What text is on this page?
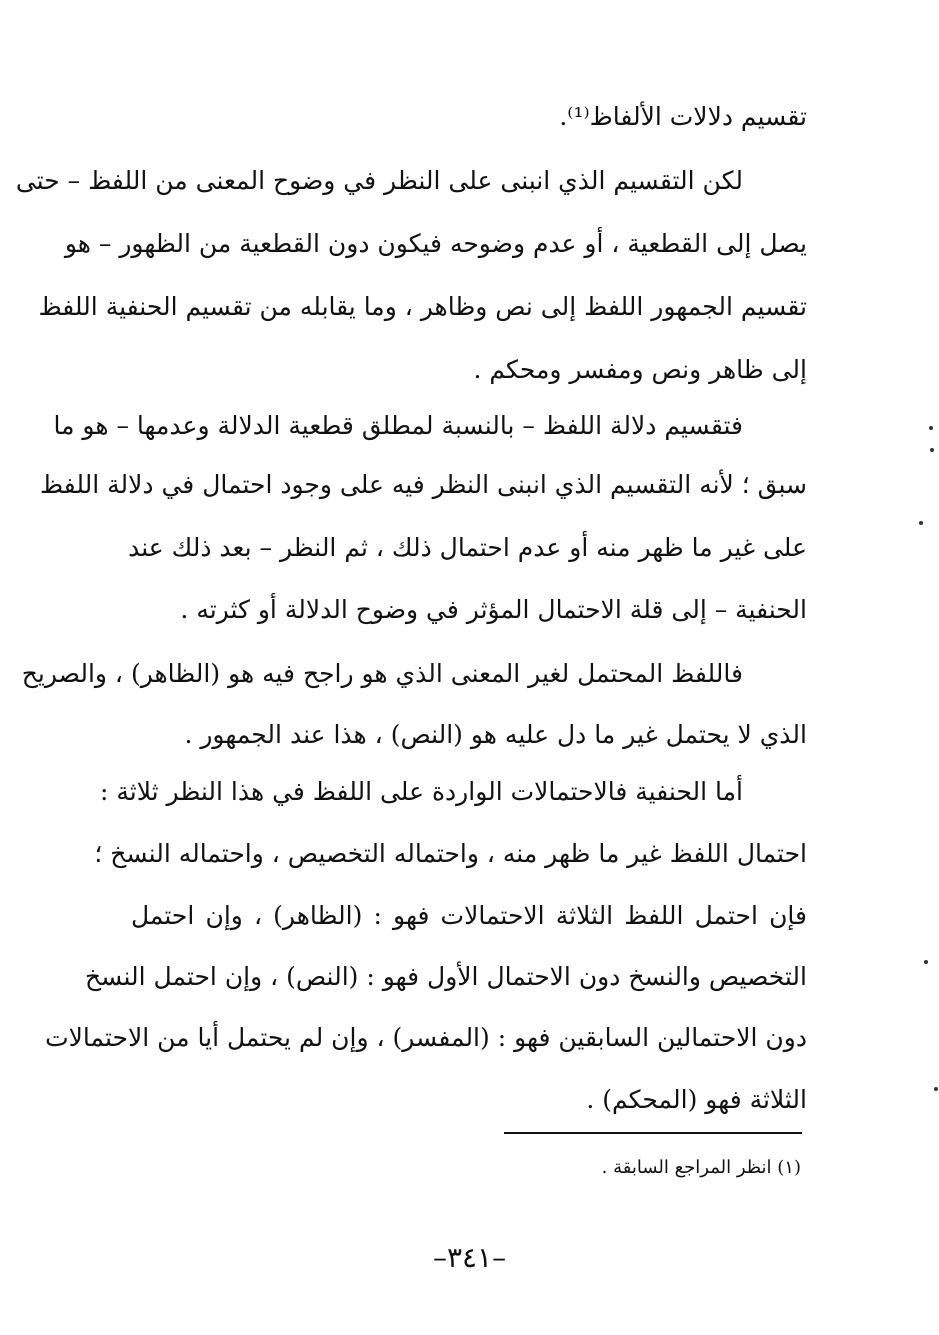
تقسيم دلالات الألفاظ⁽¹⁾.
لكن التقسيم الذي انبنى على النظر في وضوح المعنى من اللفظ – حتى
يصل إلى القطعية ، أو عدم وضوحه فيكون دون القطعية من الظهور – هو
تقسيم الجمهور اللفظ إلى نص وظاهر ، وما يقابله من تقسيم الحنفية اللفظ
إلى ظاهر ونص ومفسر ومحكم .
فتقسيم دلالة اللفظ – بالنسبة لمطلق قطعية الدلالة وعدمها – هو ما
سبق ؛ لأنه التقسيم الذي انبنى النظر فيه على وجود احتمال في دلالة اللفظ
على غير ما ظهر منه أو عدم احتمال ذلك ، ثم النظر – بعد ذلك عند
الحنفية – إلى قلة الاحتمال المؤثر في وضوح الدلالة أو كثرته .
فاللفظ المحتمل لغير المعنى الذي هو راجح فيه هو (الظاهر) ، والصريح
الذي لا يحتمل غير ما دل عليه هو (النص) ، هذا عند الجمهور .
أما الحنفية فالاحتمالات الواردة على اللفظ في هذا النظر ثلاثة :
احتمال اللفظ غير ما ظهر منه ، واحتماله التخصيص ، واحتماله النسخ ؛
فإن احتمل اللفظ الثلاثة الاحتمالات فهو : (الظاهر) ، وإن احتمل
التخصيص والنسخ دون الاحتمال الأول فهو : (النص) ، وإن احتمل النسخ
دون الاحتمالين السابقين فهو : (المفسر) ، وإن لم يحتمل أيا من الاحتمالات
الثلاثة فهو (المحكم) .
(١) انظر المراجع السابقة .
–٣٤١–
